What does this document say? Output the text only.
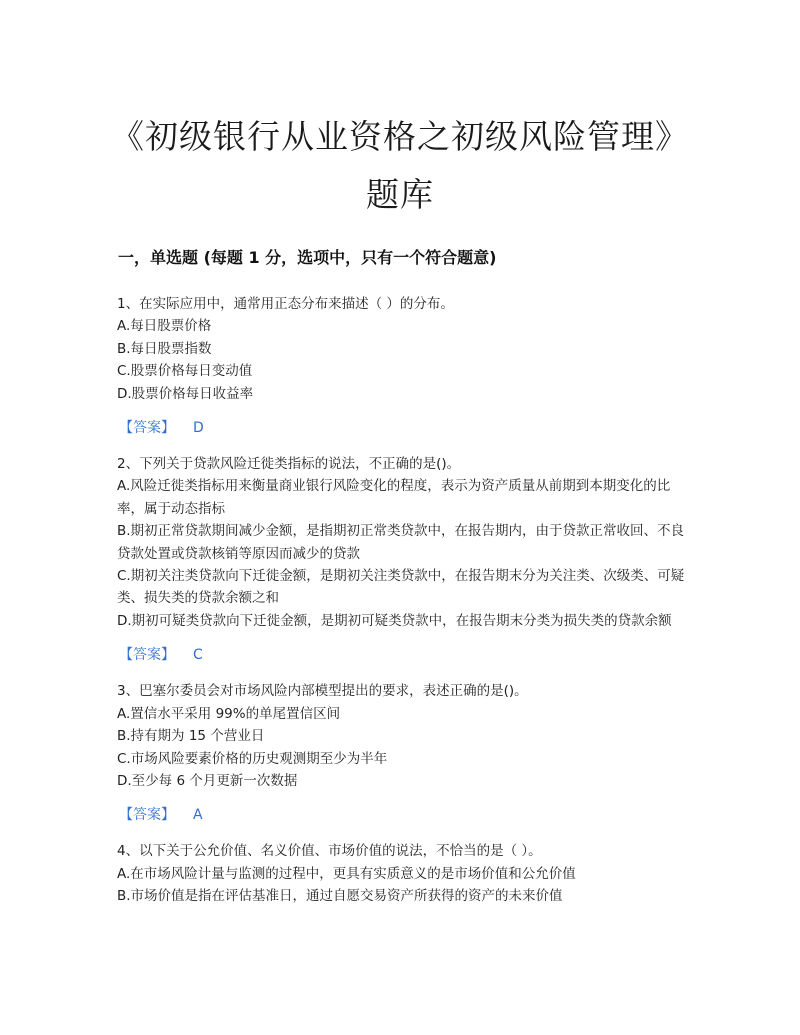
《初级银行从业资格之初级风险管理》题库
一，单选题 (每题 1 分，选项中，只有一个符合题意)
1、在实际应用中，通常用正态分布来描述（ ）的分布。
A.每日股票价格
B.每日股票指数
C.股票价格每日变动值
D.股票价格每日收益率
【答案】 D
2、下列关于贷款风险迁徙类指标的说法，不正确的是()。
A.风险迁徙类指标用来衡量商业银行风险变化的程度，表示为资产质量从前期到本期变化的比率，属于动态指标
B.期初正常贷款期间减少金额，是指期初正常类贷款中，在报告期内，由于贷款正常收回、不良贷款处置或贷款核销等原因而减少的贷款
C.期初关注类贷款向下迁徙金额，是期初关注类贷款中，在报告期末分为关注类、次级类、可疑类、损失类的贷款余额之和
D.期初可疑类贷款向下迁徙金额，是期初可疑类贷款中，在报告期末分类为损失类的贷款余额
【答案】 C
3、巴塞尔委员会对市场风险内部模型提出的要求，表述正确的是()。
A.置信水平采用 99%的单尾置信区间
B.持有期为 15 个营业日
C.市场风险要素价格的历史观测期至少为半年
D.至少每 6 个月更新一次数据
【答案】 A
4、以下关于公允价值、名义价值、市场价值的说法，不恰当的是（ ）。
A.在市场风险计量与监测的过程中，更具有实质意义的是市场价值和公允价值
B.市场价值是指在评估基准日，通过自愿交易资产所获得的资产的未来价值
